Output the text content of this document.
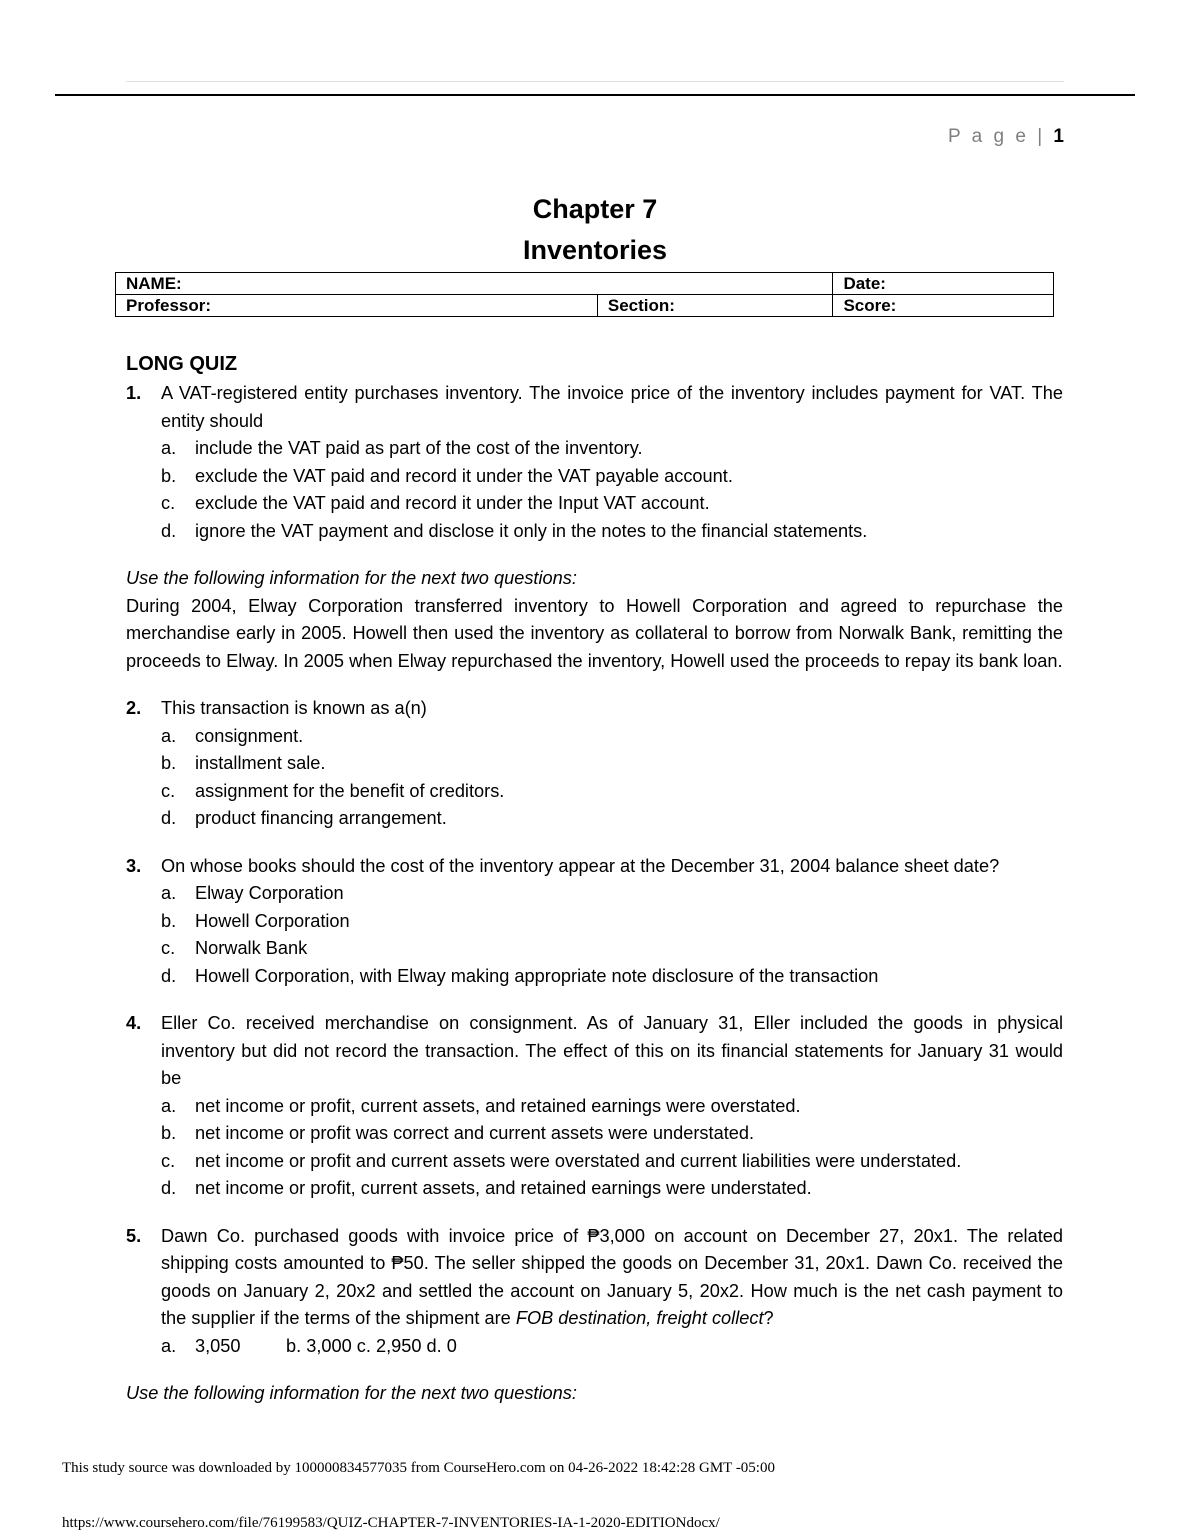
P a g e | 1
Chapter 7
Inventories
NAME:		Date:
Professor:	Section:	Score:
LONG QUIZ
1.	A VAT-registered entity purchases inventory. The invoice price of the inventory includes payment for VAT. The entity should
a.	include the VAT paid as part of the cost of the inventory.
b.	exclude the VAT paid and record it under the VAT payable account.
c.	exclude the VAT paid and record it under the Input VAT account.
d.	ignore the VAT payment and disclose it only in the notes to the financial statements.
Use the following information for the next two questions:
During 2004, Elway Corporation transferred inventory to Howell Corporation and agreed to repurchase the merchandise early in 2005. Howell then used the inventory as collateral to borrow from Norwalk Bank, remitting the proceeds to Elway. In 2005 when Elway repurchased the inventory, Howell used the proceeds to repay its bank loan.
2.	This transaction is known as a(n)
a.	consignment.
b.	installment sale.
c.	assignment for the benefit of creditors.
d.	product financing arrangement.
3.	On whose books should the cost of the inventory appear at the December 31, 2004 balance sheet date?
a.	Elway Corporation
b.	Howell Corporation
c.	Norwalk Bank
d.	Howell Corporation, with Elway making appropriate note disclosure of the transaction
4.	Eller Co. received merchandise on consignment. As of January 31, Eller included the goods in physical inventory but did not record the transaction. The effect of this on its financial statements for January 31 would be
a.	net income or profit, current assets, and retained earnings were overstated.
b.	net income or profit was correct and current assets were understated.
c.	net income or profit and current assets were overstated and current liabilities were understated.
d.	net income or profit, current assets, and retained earnings were understated.
5.	Dawn Co. purchased goods with invoice price of ₱3,000 on account on December 27, 20x1. The related shipping costs amounted to ₱50. The seller shipped the goods on December 31, 20x1. Dawn Co. received the goods on January 2, 20x2 and settled the account on January 5, 20x2. How much is the net cash payment to the supplier if the terms of the shipment are FOB destination, freight collect?
a.	3,050 b. 3,000 c. 2,950 d. 0
Use the following information for the next two questions:
This study source was downloaded by 100000834577035 from CourseHero.com on 04-26-2022 18:42:28 GMT -05:00
https://www.coursehero.com/file/76199583/QUIZ-CHAPTER-7-INVENTORIES-IA-1-2020-EDITIONdocx/
